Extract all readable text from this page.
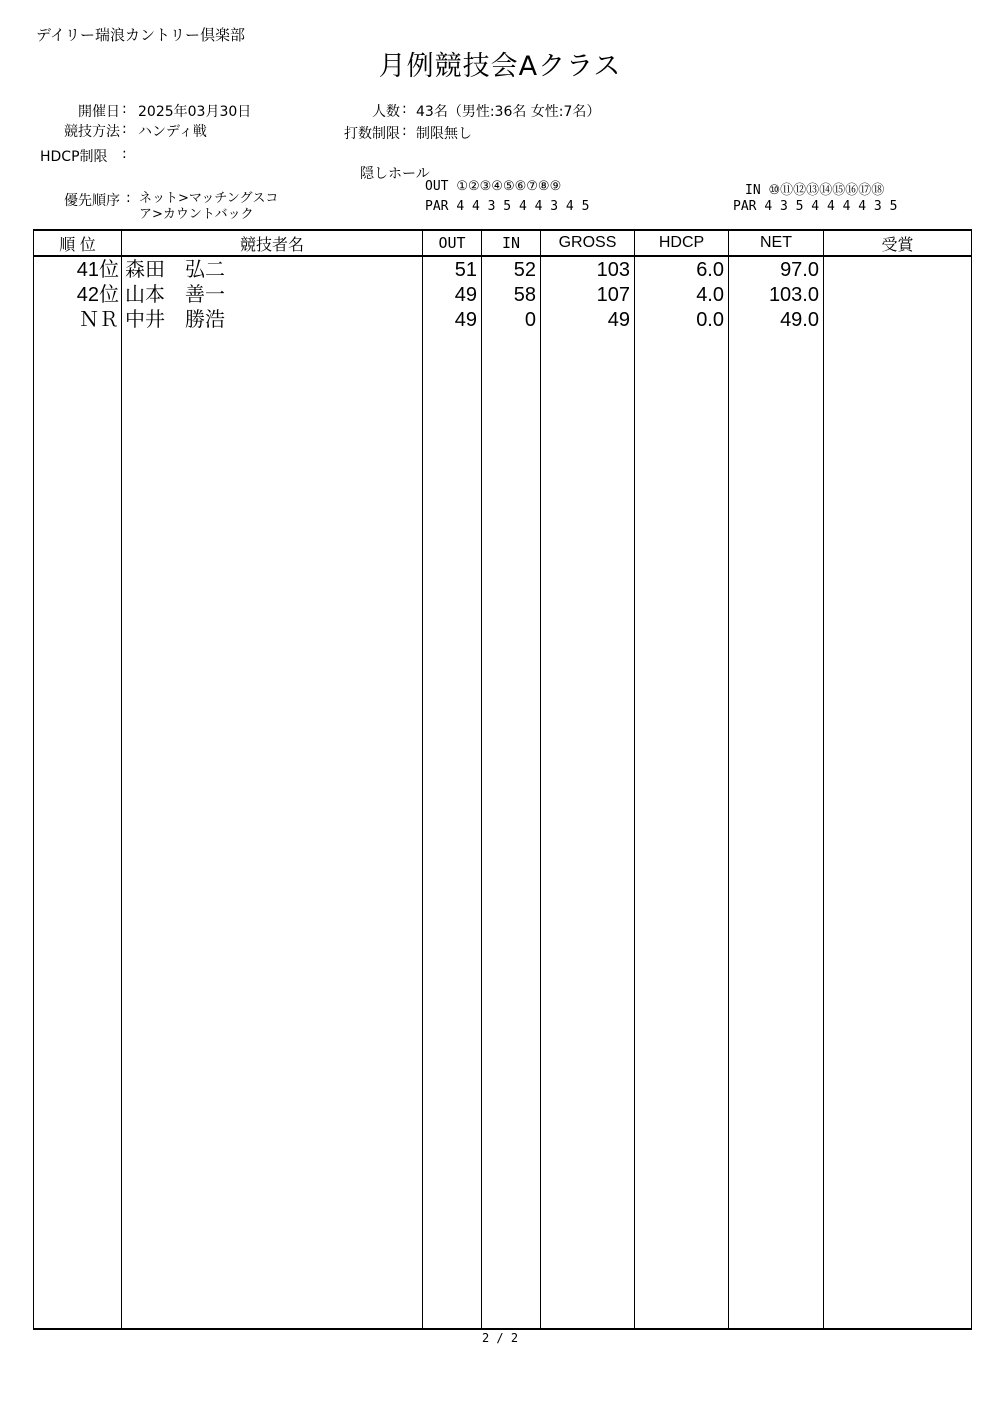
デイリー瑞浪カントリー倶楽部
月例競技会Aクラス
開催日 : 2025年03月30日
競技方法 : ハンディ戦
HDCP制限 :
人数 : 43名（男性:36名 女性:7名）
打数制限 : 制限無し
優先順序 : ネット>マッチングスコ
ア>カウントバック
隠しホール
OUT ①②③④⑤⑥⑦⑧⑨
PAR 4 4 3 5 4 4 3 4 5
IN ⑩⑪⑫⑬⑭⑮⑯⑰⑱
PAR 4 3 5 4 4 4 4 3 5
順 位	競技者名	OUT	IN	GROSS	HDCP	NET	受賞
41位	森田　弘二	51	52	103	6.0	97.0	
42位	山本　善一	49	58	107	4.0	103.0	
ＮＲ	中井　勝浩	49	0	49	0.0	49.0	

2 / 2
